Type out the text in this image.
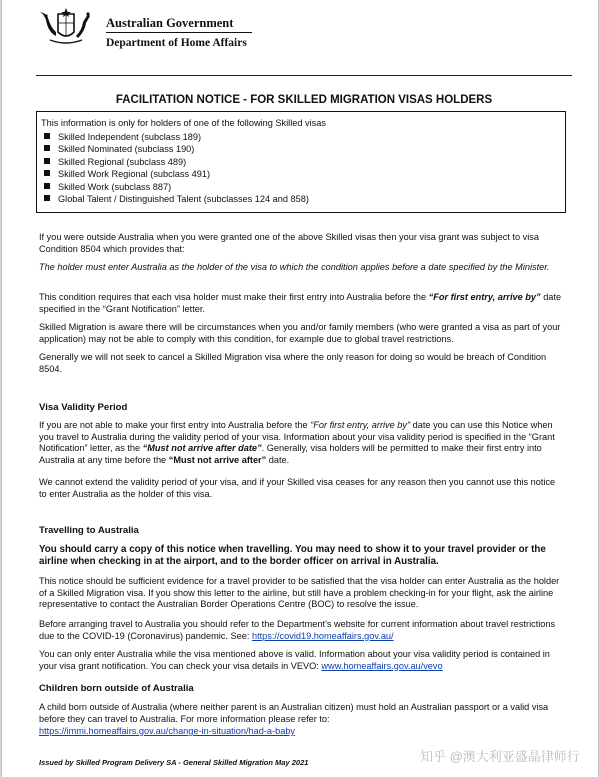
Australian Government
Department of Home Affairs
FACILITATION NOTICE - FOR SKILLED MIGRATION VISAS HOLDERS
This information is only for holders of one of the following Skilled visas
Skilled Independent (subclass 189)
Skilled Nominated (subclass 190)
Skilled Regional (subclass 489)
Skilled Work Regional (subclass 491)
Skilled Work (subclass 887)
Global Talent / Distinguished Talent (subclasses 124 and 858)

If you were outside Australia when you were granted one of the above Skilled visas then your visa grant was subject to visa Condition 8504 which provides that:

The holder must enter Australia as the holder of the visa to which the condition applies before a date specified by the Minister.

This condition requires that each visa holder must make their first entry into Australia before the “For first entry, arrive by” date specified in the “Grant Notification” letter.

Skilled Migration is aware there will be circumstances when you and/or family members (who were granted a visa as part of your application) may not be able to comply with this condition, for example due to global travel restrictions.

Generally we will not seek to cancel a Skilled Migration visa where the only reason for doing so would be breach of Condition 8504.

Visa Validity Period

If you are not able to make your first entry into Australia before the “For first entry, arrive by” date you can use this Notice when you travel to Australia during the validity period of your visa. Information about your visa validity period is specified in the “Grant Notification” letter, as the “Must not arrive after date”. Generally, visa holders will be permitted to make their first entry into Australia at any time before the “Must not arrive after” date.

We cannot extend the validity period of your visa, and if your Skilled visa ceases for any reason then you cannot use this notice to enter Australia as the holder of this visa.

Travelling to Australia

You should carry a copy of this notice when travelling. You may need to show it to your travel provider or the airline when checking in at the airport, and to the border officer on arrival in Australia.

This notice should be sufficient evidence for a travel provider to be satisfied that the visa holder can enter Australia as the holder of a Skilled Migration visa. If you show this letter to the airline, but still have a problem checking-in for your flight, ask the airline representative to contact the Australian Border Operations Centre (BOC) to resolve the issue.

Before arranging travel to Australia you should refer to the Department’s website for current information about travel restrictions due to the COVID-19 (Coronavirus) pandemic. See: https://covid19.homeaffairs.gov.au/

You can only enter Australia while the visa mentioned above is valid. Information about your visa validity period is contained in your visa grant notification. You can check your visa details in VEVO: www.homeaffairs.gov.au/vevo

Children born outside of Australia

A child born outside of Australia (where neither parent is an Australian citizen) must hold an Australian passport or a valid visa before they can travel to Australia. For more information please refer to:

https://immi.homeaffairs.gov.au/change-in-situation/had-a-baby

Issued by Skilled Program Delivery SA - General Skilled Migration May 2021	知乎 @澳大利亚盛晶律师行
